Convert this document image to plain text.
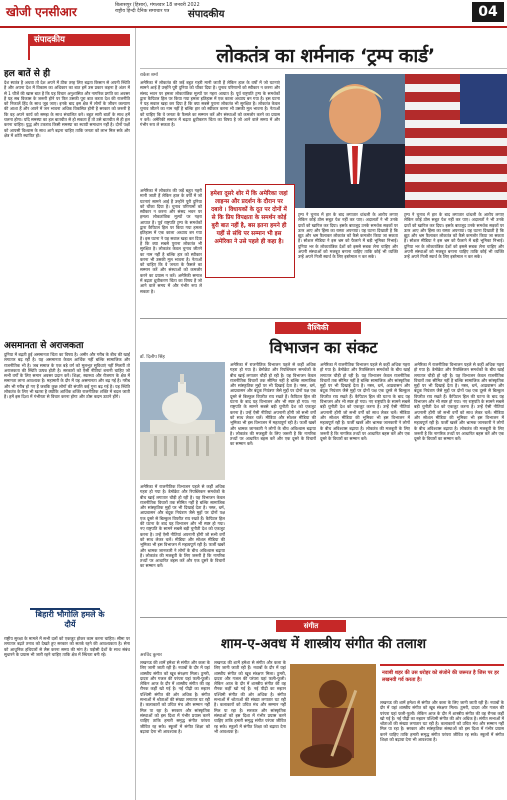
खोजी एनसीआर	बिलासपुर (हिसार), मंगलवार 18 जनवरी 2022
राष्ट्रीय हिन्दी दैनिक समाचार पत्र	संपादकीय	04
संपादकीय
हल बातें से ही
देश स्वतंत्र है अथवा तो देश अपने में ठीक तरह लिए बढ़ता किसान से अपनी स्थिति है और अपना देश में विकास का अधिकार का बात हमें उस प्रकार कहना है अंतर में से 1 चीजें की खास बात है कि यह विचार अनुशासित और नागरिक प्रगति का अवसर है यह सब विकास के जरूरी होने पर फिर उसकी पूरा बात करता देश की राजनीति को निकालें हिंद के साथ जुड़ जाए। इनके बाद इस क्षेत्र में लोगों के जीवन कल्याण की आशा हैं और अपने में जन भावना अधिक विकसित होनी है सरकार को जरूरी है कि वह अपने कार्य को समझ के साथ संचालित करे। बहुत सारी बातों के साथ हमें चलना होगा। यदि समस्या का हल बातचीत से हो सकता है तो उसे बातचीत से ही हल करना चाहिए। युद्ध और टकराव किसी समस्या का स्थायी समाधान नहीं है। दोनों पक्षों को आपसी विश्वास के साथ आगे बढ़ना चाहिए ताकि जनता को लाभ मिल सके और क्षेत्र में शांति स्थापित हो।
असमानता से अराजकता
दुनिया में बढ़ती हुई असमानता चिंता का विषय है। अमीर और गरीब के बीच की खाई लगातार बढ़ रही है। यह असमानता केवल आर्थिक नहीं बल्कि सामाजिक और राजनीतिक भी है। जब समाज के एक बड़े वर्ग को मूलभूत सुविधाएं नहीं मिलतीं तो अराजकता की स्थिति उत्पन्न होती है। सरकारों को ऐसी नीतियां बनानी चाहिए जो सभी वर्गों के लिए समान अवसर प्रदान करें। शिक्षा, स्वास्थ्य और रोजगार के क्षेत्र में समानता लाना आवश्यक है। महामारी के दौर में यह असमानता और बढ़ गई है। गरीब और भी गरीब हो गए हैं जबकि कुछ लोगों की संपत्ति कई गुना बढ़ गई है। यह स्थिति लोकतंत्र के लिए भी खतरा है क्योंकि आर्थिक शक्ति राजनीतिक शक्ति में बदल जाती है। हमें इस दिशा में गंभीरता से विचार करना होगा और ठोस कदम उठाने होंगे।
बिहारी भौगोलि हमले के दौर्ये
राष्ट्रीय सुरक्षा के मामले में सभी दलों को एकजुट होकर काम करना चाहिए। सीमा पर लगातार बढ़ते तनाव को देखते हुए सरकार को सतर्क रहने की आवश्यकता है। सेना को आधुनिक हथियारों से लैस करना समय की मांग है। पड़ोसी देशों के साथ संबंध सुधारने के प्रयास भी जारी रहने चाहिए ताकि क्षेत्र में स्थिरता बनी रहे।
लोकतंत्र का शर्मनाक ‘ट्रम्प कार्ड’
राकेश शर्मा
अमेरिका में लोकतंत्र की जड़ें बहुत गहरी मानी जाती हैं लेकिन हाल के वर्षों में जो घटनाएं सामने आई हैं उन्होंने पूरी दुनिया को चौंका दिया है। चुनाव परिणामों को स्वीकार न करना और संसद भवन पर हमला लोकतांत्रिक मूल्यों पर गहरा आघात है। पूर्व राष्ट्रपति ट्रम्प के समर्थकों द्वारा कैपिटल हिल पर किया गया हमला इतिहास में एक काला अध्याय बन गया है। इस घटना ने यह सवाल खड़ा कर दिया है कि क्या सबसे पुराना लोकतंत्र भी सुरक्षित है। लोकतंत्र केवल चुनाव जीतने का नाम नहीं है बल्कि हार को स्वीकार करना भी उसकी मूल भावना है। नेताओं को चाहिए कि वे जनता के फैसले का सम्मान करें और संस्थाओं को कमजोर करने का प्रयास न करें। अमेरिकी समाज में बढ़ता ध्रुवीकरण चिंता का विषय है जो आने वाले समय में और गंभीर रूप ले सकता है।
हमेशा दूसरे शोर में कि अमेरिका जहां लाइन्स और प्रदर्शन के दौरान पर दबावे । विधायकों के दूत पर दोनों में से कि प्रिय विपक्षता के समर्थन कोई बुरी बात नहीं है, बस इतना हमने ही यहीं से संधि पर सम्मान भी इस अमेरिका ने उसे पहले ही कहा है।
अमेरिका में लोकतंत्र की जड़ें बहुत गहरी मानी जाती हैं लेकिन हाल के वर्षों में जो घटनाएं सामने आई हैं उन्होंने पूरी दुनिया को चौंका दिया है। चुनाव परिणामों को स्वीकार न करना और संसद भवन पर हमला लोकतांत्रिक मूल्यों पर गहरा आघात है। पूर्व राष्ट्रपति ट्रम्प के समर्थकों द्वारा कैपिटल हिल पर किया गया हमला इतिहास में एक काला अध्याय बन गया है। इस घटना ने यह सवाल खड़ा कर दिया है कि क्या सबसे पुराना लोकतंत्र भी सुरक्षित है। लोकतंत्र केवल चुनाव जीतने का नाम नहीं है बल्कि हार को स्वीकार करना भी उसकी मूल भावना है। नेताओं को चाहिए कि वे जनता के फैसले का सम्मान करें और संस्थाओं को कमजोर करने का प्रयास न करें। अमेरिकी समाज में बढ़ता ध्रुवीकरण चिंता का विषय है जो आने वाले समय में और गंभीर रूप ले सकता है।
ट्रम्प ने चुनाव में हार के बाद लगातार धांधली के आरोप लगाए लेकिन कोई ठोस सबूत पेश नहीं कर पाए। अदालतों ने भी उनके दावों को खारिज कर दिया। इसके बावजूद उनके समर्थक सड़कों पर उतर आए और हिंसा का रास्ता अपनाया। यह घटना दिखाती है कि झूठ और भ्रम फैलाकर लोकतंत्र को कैसे कमजोर किया जा सकता है। सोशल मीडिया ने इस भ्रम को फैलाने में बड़ी भूमिका निभाई। दुनिया भर के लोकतांत्रिक देशों को इससे सबक लेना चाहिए और अपनी संस्थाओं को मजबूत बनाना चाहिए ताकि कोई भी व्यक्ति उन्हें अपने निजी स्वार्थ के लिए इस्तेमाल न कर सके।
ट्रम्प ने चुनाव में हार के बाद लगातार धांधली के आरोप लगाए लेकिन कोई ठोस सबूत पेश नहीं कर पाए। अदालतों ने भी उनके दावों को खारिज कर दिया। इसके बावजूद उनके समर्थक सड़कों पर उतर आए और हिंसा का रास्ता अपनाया। यह घटना दिखाती है कि झूठ और भ्रम फैलाकर लोकतंत्र को कैसे कमजोर किया जा सकता है। सोशल मीडिया ने इस भ्रम को फैलाने में बड़ी भूमिका निभाई। दुनिया भर के लोकतांत्रिक देशों को इससे सबक लेना चाहिए और अपनी संस्थाओं को मजबूत बनाना चाहिए ताकि कोई भी व्यक्ति उन्हें अपने निजी स्वार्थ के लिए इस्तेमाल न कर सके।
वैश्विकी
विभाजन का संकट
डॉ. दिलीप सिंह
अमेरिका में राजनीतिक विभाजन पहले से कहीं अधिक गहरा हो गया है। डेमोक्रेट और रिपब्लिकन समर्थकों के बीच खाई लगातार चौड़ी हो रही है। यह विभाजन केवल राजनीतिक विचारों तक सीमित नहीं है बल्कि सामाजिक और सांस्कृतिक मुद्दों पर भी दिखाई देता है। नस्ल, धर्म, आप्रवासन और बंदूक नियंत्रण जैसे मुद्दों पर दोनों पक्ष एक दूसरे से बिल्कुल विपरीत राय रखते हैं। कैपिटल हिल की घटना के बाद यह विभाजन और भी स्पष्ट हो गया। नए राष्ट्रपति के सामने सबसे बड़ी चुनौती देश को एकजुट करना है। उन्हें ऐसी नीतियां अपनानी होंगी जो सभी वर्गों को साथ लेकर चलें। मीडिया और सोशल मीडिया की भूमिका भी इस विभाजन में महत्वपूर्ण रही है। फर्जी खबरें और भ्रामक जानकारी ने लोगों के बीच अविश्वास बढ़ाया है। लोकतंत्र की मजबूती के लिए जरूरी है कि नागरिक तथ्यों पर आधारित बहस करें और एक दूसरे के विचारों का सम्मान करें।
अमेरिका में राजनीतिक विभाजन पहले से कहीं अधिक गहरा हो गया है। डेमोक्रेट और रिपब्लिकन समर्थकों के बीच खाई लगातार चौड़ी हो रही है। यह विभाजन केवल राजनीतिक विचारों तक सीमित नहीं है बल्कि सामाजिक और सांस्कृतिक मुद्दों पर भी दिखाई देता है। नस्ल, धर्म, आप्रवासन और बंदूक नियंत्रण जैसे मुद्दों पर दोनों पक्ष एक दूसरे से बिल्कुल विपरीत राय रखते हैं। कैपिटल हिल की घटना के बाद यह विभाजन और भी स्पष्ट हो गया। नए राष्ट्रपति के सामने सबसे बड़ी चुनौती देश को एकजुट करना है। उन्हें ऐसी नीतियां अपनानी होंगी जो सभी वर्गों को साथ लेकर चलें। मीडिया और सोशल मीडिया की भूमिका भी इस विभाजन में महत्वपूर्ण रही है। फर्जी खबरें और भ्रामक जानकारी ने लोगों के बीच अविश्वास बढ़ाया है। लोकतंत्र की मजबूती के लिए जरूरी है कि नागरिक तथ्यों पर आधारित बहस करें और एक दूसरे के विचारों का सम्मान करें।
अमेरिका में राजनीतिक विभाजन पहले से कहीं अधिक गहरा हो गया है। डेमोक्रेट और रिपब्लिकन समर्थकों के बीच खाई लगातार चौड़ी हो रही है। यह विभाजन केवल राजनीतिक विचारों तक सीमित नहीं है बल्कि सामाजिक और सांस्कृतिक मुद्दों पर भी दिखाई देता है। नस्ल, धर्म, आप्रवासन और बंदूक नियंत्रण जैसे मुद्दों पर दोनों पक्ष एक दूसरे से बिल्कुल विपरीत राय रखते हैं। कैपिटल हिल की घटना के बाद यह विभाजन और भी स्पष्ट हो गया। नए राष्ट्रपति के सामने सबसे बड़ी चुनौती देश को एकजुट करना है। उन्हें ऐसी नीतियां अपनानी होंगी जो सभी वर्गों को साथ लेकर चलें। मीडिया और सोशल मीडिया की भूमिका भी इस विभाजन में महत्वपूर्ण रही है। फर्जी खबरें और भ्रामक जानकारी ने लोगों के बीच अविश्वास बढ़ाया है। लोकतंत्र की मजबूती के लिए जरूरी है कि नागरिक तथ्यों पर आधारित बहस करें और एक दूसरे के विचारों का सम्मान करें।
अमेरिका में राजनीतिक विभाजन पहले से कहीं अधिक गहरा हो गया है। डेमोक्रेट और रिपब्लिकन समर्थकों के बीच खाई लगातार चौड़ी हो रही है। यह विभाजन केवल राजनीतिक विचारों तक सीमित नहीं है बल्कि सामाजिक और सांस्कृतिक मुद्दों पर भी दिखाई देता है। नस्ल, धर्म, आप्रवासन और बंदूक नियंत्रण जैसे मुद्दों पर दोनों पक्ष एक दूसरे से बिल्कुल विपरीत राय रखते हैं। कैपिटल हिल की घटना के बाद यह विभाजन और भी स्पष्ट हो गया। नए राष्ट्रपति के सामने सबसे बड़ी चुनौती देश को एकजुट करना है। उन्हें ऐसी नीतियां अपनानी होंगी जो सभी वर्गों को साथ लेकर चलें। मीडिया और सोशल मीडिया की भूमिका भी इस विभाजन में महत्वपूर्ण रही है। फर्जी खबरें और भ्रामक जानकारी ने लोगों के बीच अविश्वास बढ़ाया है। लोकतंत्र की मजबूती के लिए जरूरी है कि नागरिक तथ्यों पर आधारित बहस करें और एक दूसरे के विचारों का सम्मान करें।
संगीत
शाम-ए-अवध में शास्त्रीय संगीत की तलाश
अरविंद कुमार
लखनऊ की शामें हमेशा से संगीत और कला के लिए जानी जाती रही हैं। नवाबों के दौर में यहां शास्त्रीय संगीत को खूब संरक्षण मिला। ठुमरी, दादरा और गजल की परंपरा यहां फली-फूली। लेकिन आज के दौर में शास्त्रीय संगीत की वह रौनक कहीं खो गई है। नई पीढ़ी का रुझान पश्चिमी संगीत की ओर अधिक है। संगीत सभाओं में श्रोताओं की संख्या लगातार घट रही है। कलाकारों को उचित मंच और सम्मान नहीं मिल पा रहा है। सरकार और सांस्कृतिक संस्थाओं को इस दिशा में गंभीर प्रयास करने चाहिए ताकि हमारी समृद्ध संगीत परंपरा जीवित रह सके। स्कूलों में संगीत शिक्षा को बढ़ावा देना भी आवश्यक है।
लखनऊ की शामें हमेशा से संगीत और कला के लिए जानी जाती रही हैं। नवाबों के दौर में यहां शास्त्रीय संगीत को खूब संरक्षण मिला। ठुमरी, दादरा और गजल की परंपरा यहां फली-फूली। लेकिन आज के दौर में शास्त्रीय संगीत की वह रौनक कहीं खो गई है। नई पीढ़ी का रुझान पश्चिमी संगीत की ओर अधिक है। संगीत सभाओं में श्रोताओं की संख्या लगातार घट रही है। कलाकारों को उचित मंच और सम्मान नहीं मिल पा रहा है। सरकार और सांस्कृतिक संस्थाओं को इस दिशा में गंभीर प्रयास करने चाहिए ताकि हमारी समृद्ध संगीत परंपरा जीवित रह सके। स्कूलों में संगीत शिक्षा को बढ़ावा देना भी आवश्यक है।
नवाबी शहर की उस धरोहर को संजोने की जरूरत है जिस पर हर लखनवी गर्व करता है।
लखनऊ की शामें हमेशा से संगीत और कला के लिए जानी जाती रही हैं। नवाबों के दौर में यहां शास्त्रीय संगीत को खूब संरक्षण मिला। ठुमरी, दादरा और गजल की परंपरा यहां फली-फूली। लेकिन आज के दौर में शास्त्रीय संगीत की वह रौनक कहीं खो गई है। नई पीढ़ी का रुझान पश्चिमी संगीत की ओर अधिक है। संगीत सभाओं में श्रोताओं की संख्या लगातार घट रही है। कलाकारों को उचित मंच और सम्मान नहीं मिल पा रहा है। सरकार और सांस्कृतिक संस्थाओं को इस दिशा में गंभीर प्रयास करने चाहिए ताकि हमारी समृद्ध संगीत परंपरा जीवित रह सके। स्कूलों में संगीत शिक्षा को बढ़ावा देना भी आवश्यक है।
